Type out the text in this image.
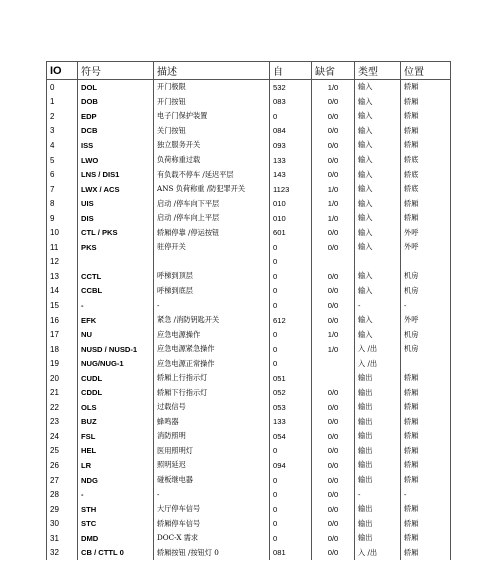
IO	符号	描述	自	缺省	类型	位置
0	DOL	开门极限	532	1/0	输入	轿厢
1	DOB	开门按钮	083	0/0	输入	轿厢
2	EDP	电子门保护装置	0	0/0	输入	轿厢
3	DCB	关门按钮	084	0/0	输入	轿厢
4	ISS	独立服务开关	093	0/0	输入	轿厢
5	LWO	负荷称重过载	133	0/0	输入	轿底
6	LNS / DIS1	有负载不停车 /延迟平层	143	0/0	输入	轿底
7	LWX / ACS	ANS 负荷称重 /防犯罪开关	1123	1/0	输入	轿底
8	UIS	启动 /停车向下平层	010	1/0	输入	轿厢
9	DIS	启动 /停车向上平层	010	1/0	输入	轿厢
10	CTL / PKS	轿厢停靠 /停运按钮	601	0/0	输入	外呼
11	PKS	驻停开关	0	0/0	输入	外呼
12			0			
13	CCTL	呼梯到顶层	0	0/0	输入	机房
14	CCBL	呼梯到底层	0	0/0	输入	机房
15	-	-	0	0/0	-	-
16	EFK	紧急 /消防钥匙开关	612	0/0	输入	外呼
17	NU	应急电源操作	0	1/0	输入	机房
18	NUSD / NUSD-1	应急电源紧急操作	0	1/0	入 /出	机房
19	NUG/NUG-1	应急电源正常操作	0		入 /出	
20	CUDL	轿厢上行指示灯	051		输出	轿厢
21	CDDL	轿厢下行指示灯	052	0/0	输出	轿厢
22	OLS	过载信号	053	0/0	输出	轿厢
23	BUZ	蜂鸣器	133	0/0	输出	轿厢
24	FSL	消防照明	054	0/0	输出	轿厢
25	HEL	医用照明灯	0	0/0	输出	轿厢
26	LR	照明延迟	094	0/0	输出	轿厢
27	NDG	碰板继电器	0	0/0	输出	轿厢
28	-	-	0	0/0	-	-
29	STH	大厅停车信号	0	0/0	输出	轿厢
30	STC	轿厢停车信号	0	0/0	输出	轿厢
31	DMD	DOC-X 需求	0	0/0	输出	轿厢
32	CB / CTTL 0	轿厢按钮 /按钮灯 0	081	0/0	入 /出	轿厢
